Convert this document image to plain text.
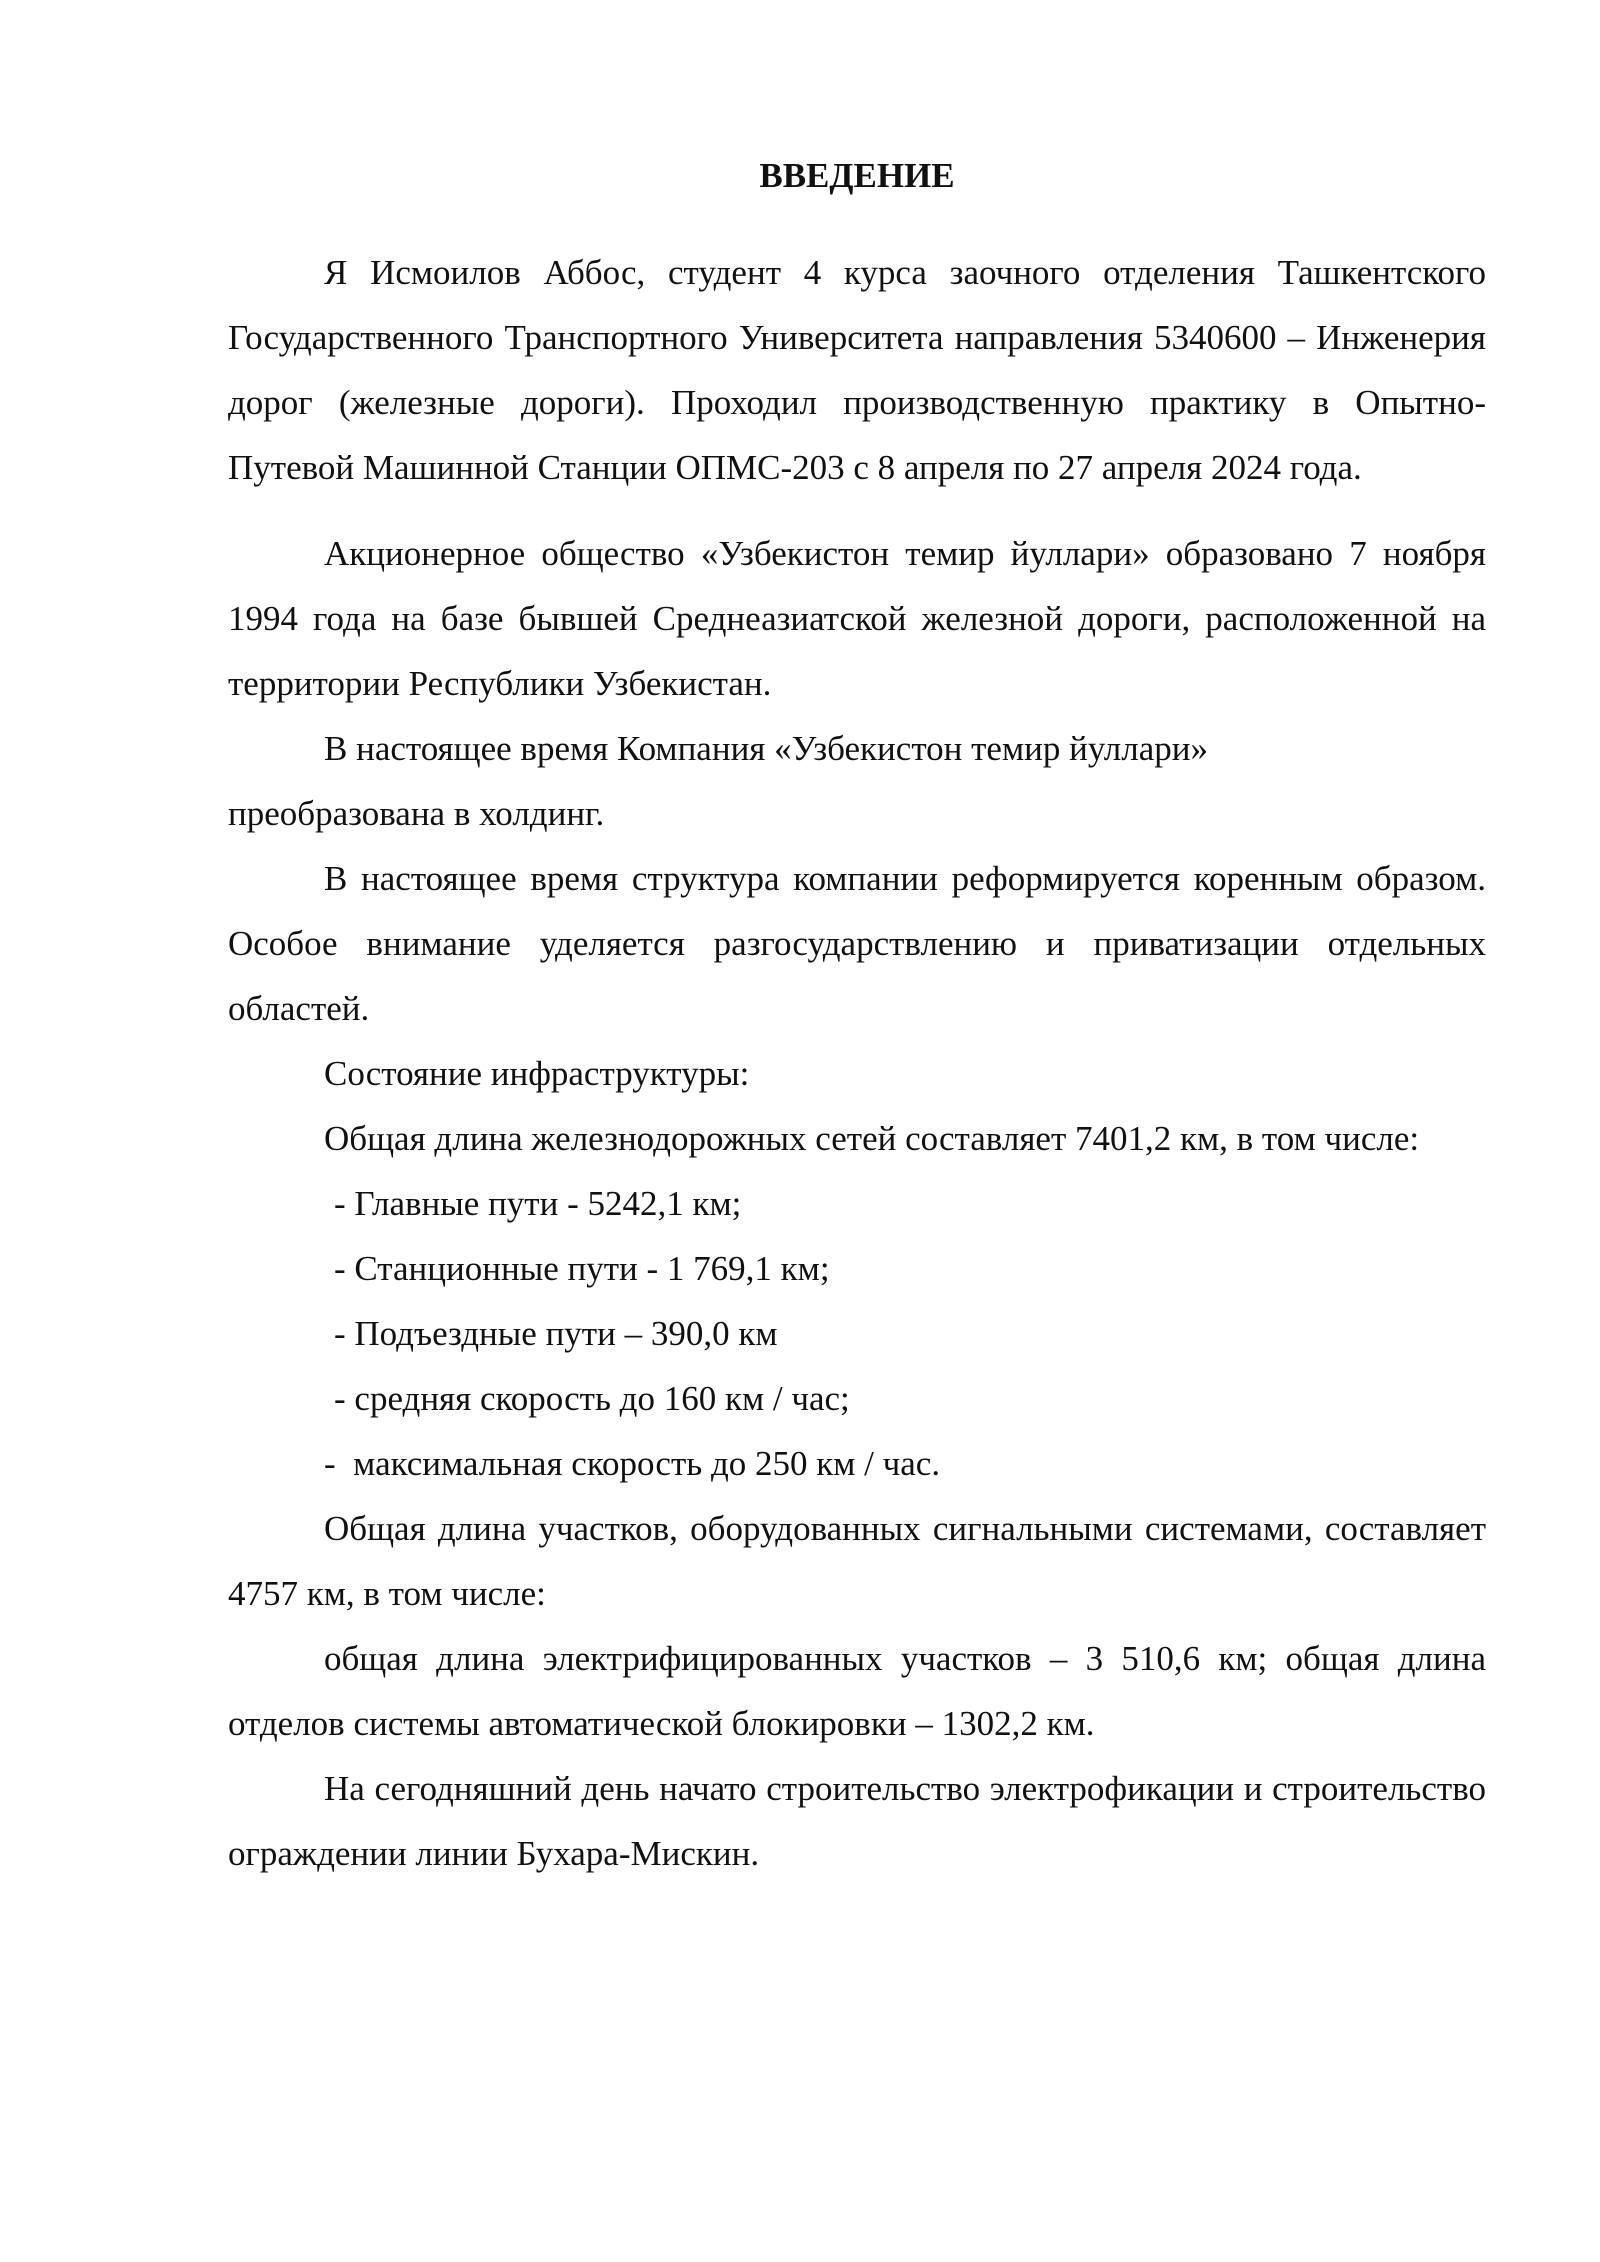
ВВЕДЕНИЕ

Я Исмоилов Аббос, студент 4 курса заочного отделения Ташкентского Государственного Транспортного Университета направления 5340600 – Инженерия дорог (железные дороги). Проходил производственную практику в Опытно-Путевой Машинной Станции ОПМС-203 с 8 апреля по 27 апреля 2024 года.

Акционерное общество «Узбекистон темир йуллари» образовано 7 ноября 1994 года на базе бывшей Среднеазиатской железной дороги, расположенной на территории Республики Узбекистан.

В настоящее время Компания «Узбекистон темир йуллари»

преобразована в холдинг.

В настоящее время структура компании реформируется коренным образом. Особое внимание уделяется разгосударствлению и приватизации отдельных областей.

Состояние инфраструктуры:

Общая длина железнодорожных сетей составляет 7401,2 км, в том числе:

- Главные пути - 5242,1 км;

- Станционные пути - 1 769,1 км;

- Подъездные пути – 390,0 км

- средняя скорость до 160 км / час;

-  максимальная скорость до 250 км / час.

Общая длина участков, оборудованных сигнальными системами, составляет 4757 км, в том числе:

общая длина электрифицированных участков – 3 510,6 км; общая длина отделов системы автоматической блокировки – 1302,2 км.

На сегодняшний день начато строительство электрофикации и строительство ограждении линии Бухара-Мискин.
